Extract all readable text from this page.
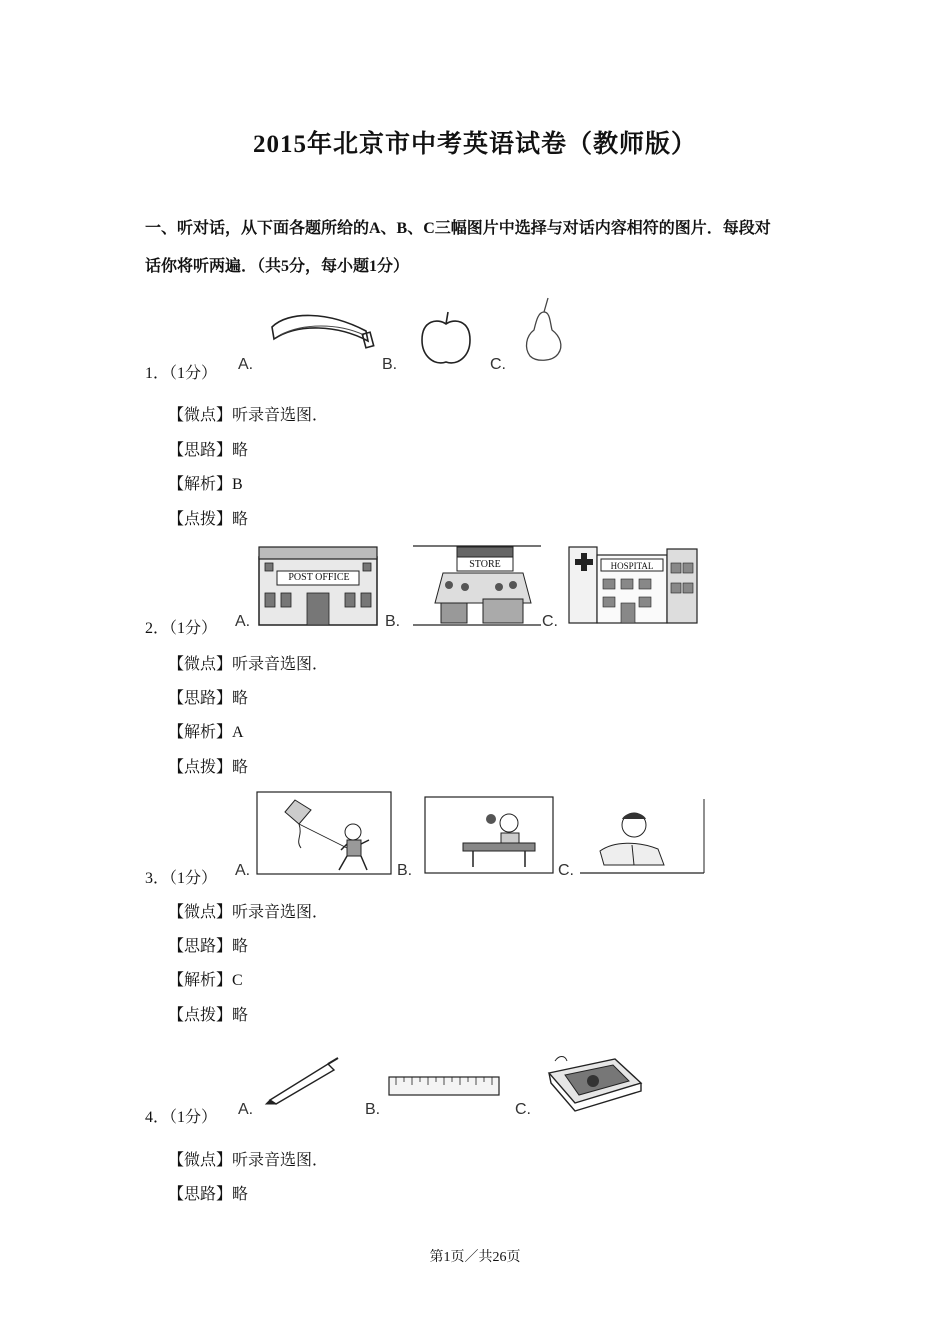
2015年北京市中考英语试卷（教师版）
一、听对话，从下面各题所给的A、B、C三幅图片中选择与对话内容相符的图片．每段对
话你将听两遍．（共5分，每小题1分）
1．（1分）
A.	B.	C.
【微点】听录音选图．
【思路】略
【解析】B
【点拨】略
2．（1分） A.
POST OFFICE
B.
STORE
C.
HOSPITAL
【微点】听录音选图．
【思路】略
【解析】A
【点拨】略
3．（1分） A.	B.	C.
【微点】听录音选图．
【思路】略
【解析】C
【点拨】略
4．（1分） A.	B.	C.
【微点】听录音选图．
【思路】略
第1页／共26页
